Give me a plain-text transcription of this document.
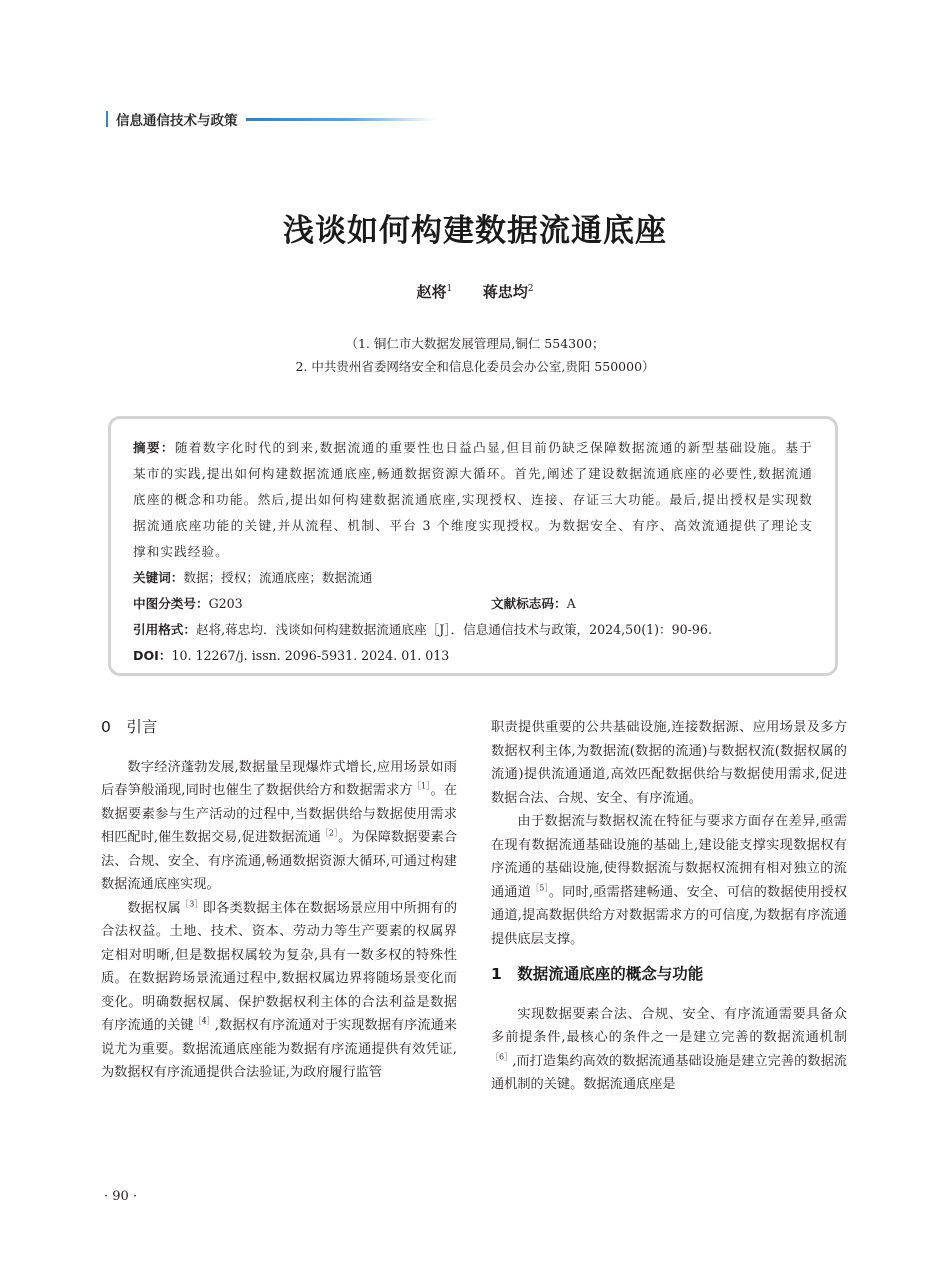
信息通信技术与政策
浅谈如何构建数据流通底座
赵将$^1$ 蒋忠均$^2$
（1. 铜仁市大数据发展管理局,铜仁 554300；
2. 中共贵州省委网络安全和信息化委员会办公室,贵阳 550000）

摘要：随着数字化时代的到来,数据流通的重要性也日益凸显,但目前仍缺乏保障数据流通的新型基础设施。基于某市的实践,提出如何构建数据流通底座,畅通数据资源大循环。首先,阐述了建设数据流通底座的必要性,数据流通底座的概念和功能。然后,提出如何构建数据流通底座,实现授权、连接、存证三大功能。最后,提出授权是实现数据流通底座功能的关键,并从流程、机制、平台 3 个维度实现授权。为数据安全、有序、高效流通提供了理论支撑和实践经验。

关键词：数据；授权；流通底座；数据流通

中图分类号：G203	文献标志码：A

引用格式：赵将,蒋忠均．浅谈如何构建数据流通底座［J］．信息通信技术与政策，2024,50(1)：90-96.

DOI：10. 12267/j. issn. 2096-5931. 2024. 01. 013

0　引言

数字经济蓬勃发展,数据量呈现爆炸式增长,应用场景如雨后春笋般涌现,同时也催生了数据供给方和数据需求方$^{[1]}$。在数据要素参与生产活动的过程中,当数据供给与数据使用需求相匹配时,催生数据交易,促进数据流通$^{[2]}$。为保障数据要素合法、合规、安全、有序流通,畅通数据资源大循环,可通过构建数据流通底座实现。

数据权属$^{[3]}$即各类数据主体在数据场景应用中所拥有的合法权益。土地、技术、资本、劳动力等生产要素的权属界定相对明晰,但是数据权属较为复杂,具有一数多权的特殊性质。在数据跨场景流通过程中,数据权属边界将随场景变化而变化。明确数据权属、保护数据权利主体的合法利益是数据有序流通的关键$^{[4]}$,数据权有序流通对于实现数据有序流通来说尤为重要。数据流通底座能为数据有序流通提供有效凭证,为数据权有序流通提供合法验证,为政府履行监管

职责提供重要的公共基础设施,连接数据源、应用场景及多方数据权利主体,为数据流(数据的流通)与数据权流(数据权属的流通)提供流通通道,高效匹配数据供给与数据使用需求,促进数据合法、合规、安全、有序流通。

由于数据流与数据权流在特征与要求方面存在差异,亟需在现有数据流通基础设施的基础上,建设能支撑实现数据权有序流通的基础设施,使得数据流与数据权流拥有相对独立的流通通道$^{[5]}$。同时,亟需搭建畅通、安全、可信的数据使用授权通道,提高数据供给方对数据需求方的可信度,为数据有序流通提供底层支撑。

1　数据流通底座的概念与功能

实现数据要素合法、合规、安全、有序流通需要具备众多前提条件,最核心的条件之一是建立完善的数据流通机制$^{[6]}$,而打造集约高效的数据流通基础设施是建立完善的数据流通机制的关键。数据流通底座是

· 90 ·
